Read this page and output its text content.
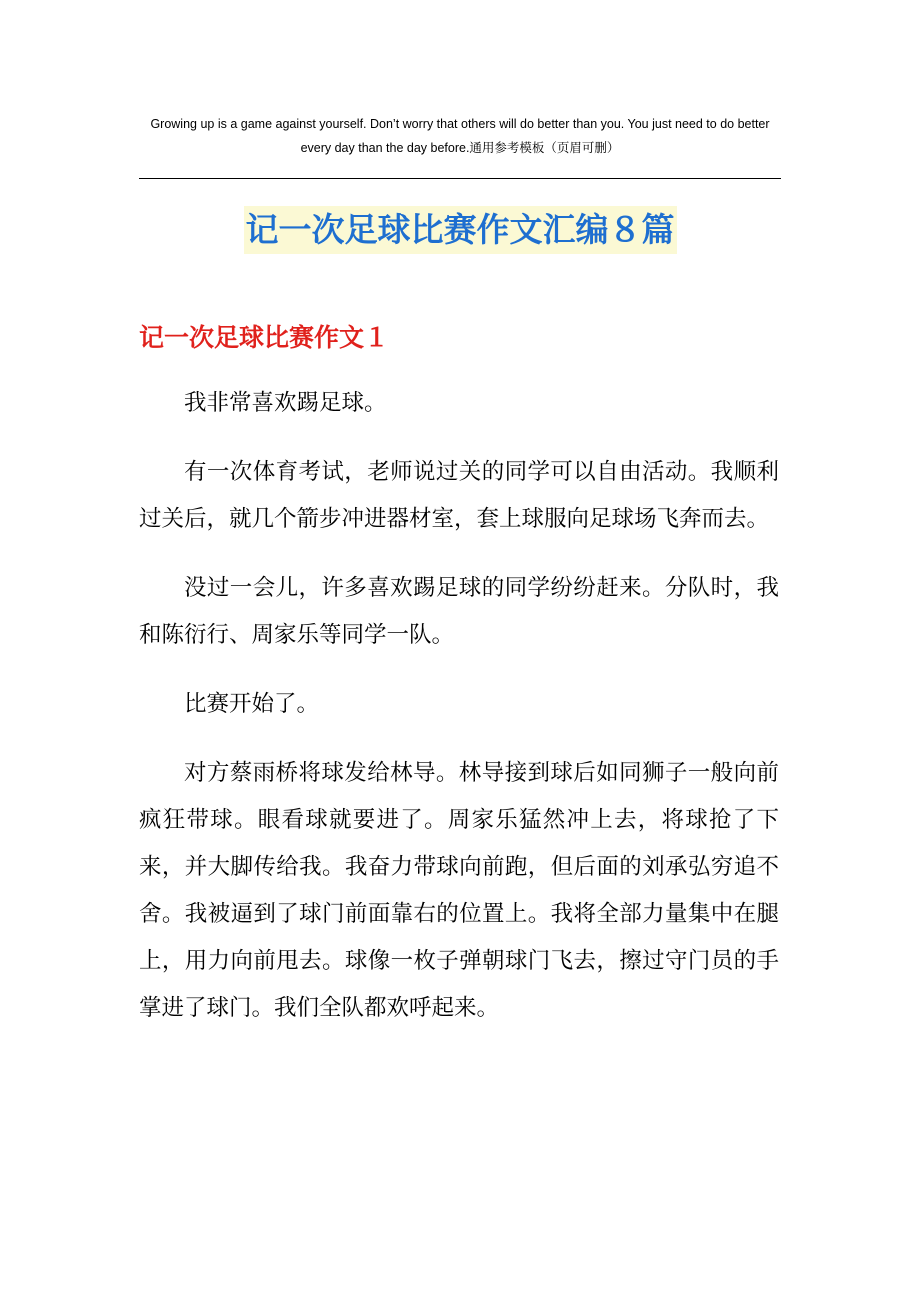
Growing up is a game against yourself. Don’t worry that others will do better than you. You just need to do better every day than the day before.通用参考模板（页眉可删）

记一次足球比赛作文汇编８篇
记一次足球比赛作文１

我非常喜欢踢足球。

有一次体育考试，老师说过关的同学可以自由活动。我顺利过关后，就几个箭步冲进器材室，套上球服向足球场飞奔而去。

没过一会儿，许多喜欢踢足球的同学纷纷赶来。分队时，我和陈衍行、周家乐等同学一队。

比赛开始了。

对方蔡雨桥将球发给林导。林导接到球后如同狮子一般向前疯狂带球。眼看球就要进了。周家乐猛然冲上去，将球抢了下来，并大脚传给我。我奋力带球向前跑，但后面的刘承弘穷追不舍。我被逼到了球门前面靠右的位置上。我将全部力量集中在腿上，用力向前甩去。球像一枚子弹朝球门飞去，擦过守门员的手掌进了球门。我们全队都欢呼起来。
